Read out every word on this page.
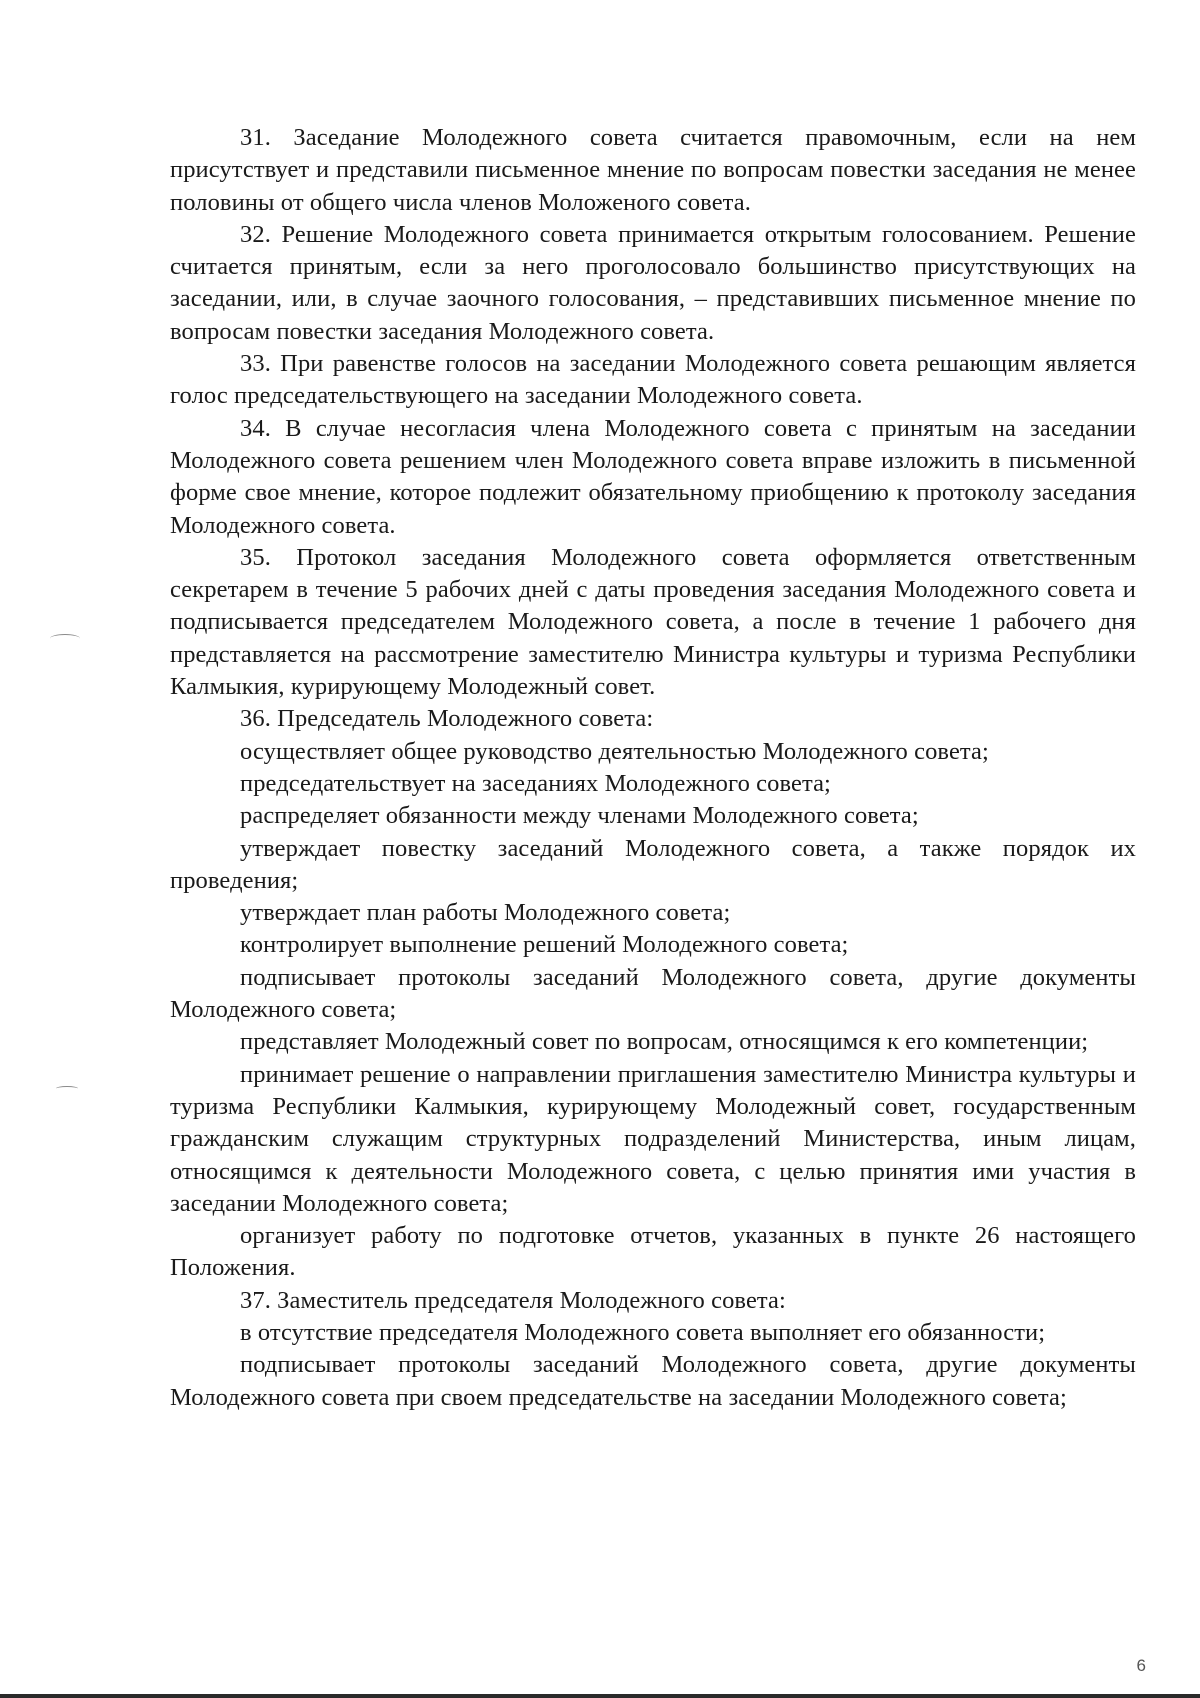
31. Заседание Молодежного совета считается правомочным, если на нем присутствует и представили письменное мнение по вопросам повестки заседания не менее половины от общего числа членов Моложеного совета.

32. Решение Молодежного совета принимается открытым голосованием. Решение считается принятым, если за него проголосовало большинство присутствующих на заседании, или, в случае заочного голосования, – представивших письменное мнение по вопросам повестки заседания Молодежного совета.

33. При равенстве голосов на заседании Молодежного совета решающим является голос председательствующего на заседании Молодежного совета.

34. В случае несогласия члена Молодежного совета с принятым на заседании Молодежного совета решением член Молодежного совета вправе изложить в письменной форме свое мнение, которое подлежит обязательному приобщению к протоколу заседания Молодежного совета.

35. Протокол заседания Молодежного совета оформляется ответственным секретарем в течение 5 рабочих дней с даты проведения заседания Молодежного совета и подписывается председателем Молодежного совета, а после в течение 1 рабочего дня представляется на рассмотрение заместителю Министра культуры и туризма Республики Калмыкия, курирующему Молодежный совет.

36. Председатель Молодежного совета:

осуществляет общее руководство деятельностью Молодежного совета;

председательствует на заседаниях Молодежного совета;

распределяет обязанности между членами Молодежного совета;

утверждает повестку заседаний Молодежного совета, а также порядок их проведения;

утверждает план работы Молодежного совета;

контролирует выполнение решений Молодежного совета;

подписывает протоколы заседаний Молодежного совета, другие документы Молодежного совета;

представляет Молодежный совет по вопросам, относящимся к его компетенции;

принимает решение о направлении приглашения заместителю Министра культуры и туризма Республики Калмыкия, курирующему Молодежный совет, государственным гражданским служащим структурных подразделений Министерства, иным лицам, относящимся к деятельности Молодежного совета, с целью принятия ими участия в заседании Молодежного совета;

организует работу по подготовке отчетов, указанных в пункте 26 настоящего Положения.

37. Заместитель председателя Молодежного совета:

в отсутствие председателя Молодежного совета выполняет его обязанности;

подписывает протоколы заседаний Молодежного совета, другие документы Молодежного совета при своем председательстве на заседании Молодежного совета;

6
